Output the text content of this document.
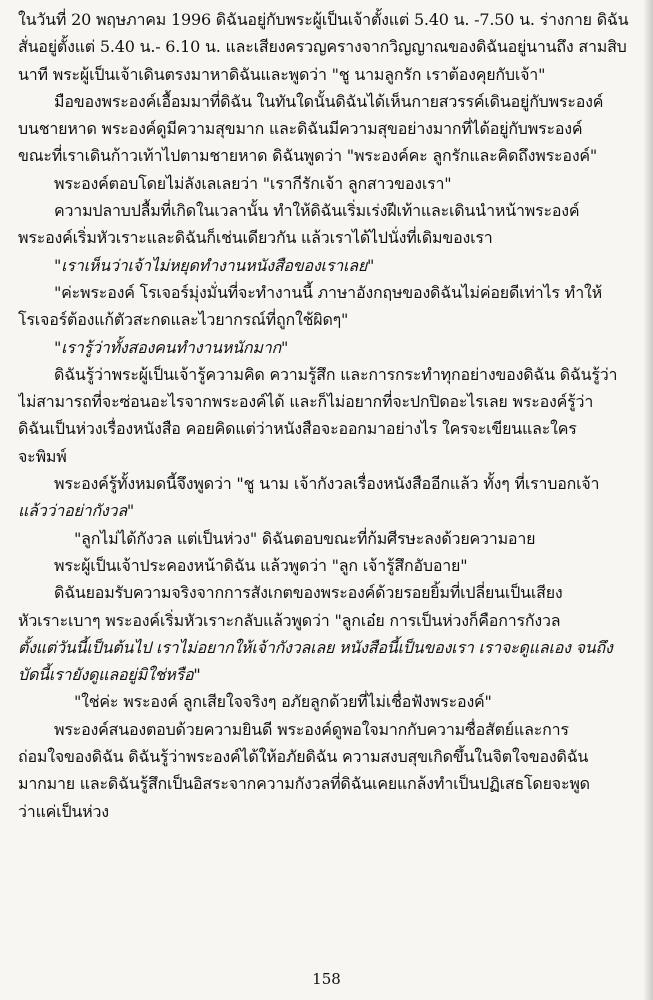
ในวันที่ 20 พฤษภาคม 1996 ดิฉันอยู่กับพระผู้เป็นเจ้าตั้งแต่ 5.40 น. -7.50 น. ร่างกาย ดิฉัน
สั่นอยู่ตั้งแต่ 5.40 น.- 6.10 น. และเสียงครวญครางจากวิญญาณของดิฉันอยู่นานถึง สามสิบ
นาที พระผู้เป็นเจ้าเดินตรงมาหาดิฉันและพูดว่า "ชู นามลูกรัก เราต้องคุยกับเจ้า"
มือของพระองค์เอื้อมมาที่ดิฉัน ในทันใดนั้นดิฉันได้เห็นกายสวรรค์เดินอยู่กับพระองค์
บนชายหาด พระองค์ดูมีความสุขมาก และดิฉันมีความสุขอย่างมากที่ได้อยู่กับพระองค์
ขณะที่เราเดินก้าวเท้าไปตามชายหาด ดิฉันพูดว่า "พระองค์คะ ลูกรักและคิดถึงพระองค์"
พระองค์ตอบโดยไม่ลังเลเลยว่า "เรากีรักเจ้า ลูกสาวของเรา"
ความปลาบปลื้มที่เกิดในเวลานั้น ทำให้ดิฉันเริ่มเร่งฝีเท้าและเดินนำหน้าพระองค์
พระองค์เริ่มหัวเราะและดิฉันก็เช่นเดียวกัน แล้วเราได้ไปนั่งที่เดิมของเรา
"เราเห็นว่าเจ้าไม่หยุดทำงานหนังสือของเราเลย"
"ค่ะพระองค์ โรเจอร์มุ่งมั่นที่จะทำงานนี้ ภาษาอังกฤษของดิฉันไม่ค่อยดีเท่าไร ทำให้
โรเจอร์ต้องแก้ตัวสะกดและไวยากรณ์ที่ถูกใช้ผิดๆ"
"เรารู้ว่าทั้งสองคนทำงานหนักมาก"
ดิฉันรู้ว่าพระผู้เป็นเจ้ารู้ความคิด ความรู้สึก และการกระทำทุกอย่างของดิฉัน ดิฉันรู้ว่า
ไม่สามารถที่จะซ่อนอะไรจากพระองค์ได้ และก็ไม่อยากที่จะปกปิดอะไรเลย พระองค์รู้ว่า
ดิฉันเป็นห่วงเรื่องหนังสือ คอยคิดแต่ว่าหนังสือจะออกมาอย่างไร ใครจะเขียนและใคร
จะพิมพ์
พระองค์รู้ทั้งหมดนี้จึงพูดว่า "ชู นาม เจ้ากังวลเรื่องหนังสืออีกแล้ว ทั้งๆ ที่เราบอกเจ้า
แล้วว่าอย่ากังวล"
"ลูกไม่ได้กังวล แต่เป็นห่วง" ดิฉันตอบขณะที่ก้มศีรษะลงด้วยความอาย
พระผู้เป็นเจ้าประคองหน้าดิฉัน แล้วพูดว่า "ลูก เจ้ารู้สึกอับอาย"
ดิฉันยอมรับความจริงจากการสังเกตของพระองค์ด้วยรอยยิ้มที่เปลี่ยนเป็นเสียง
หัวเราะเบาๆ พระองค์เริ่มหัวเราะกลับแล้วพูดว่า "ลูกเอ๋ย การเป็นห่วงก็คือการกังวล
ตั้งแต่วันนี้เป็นต้นไป เราไม่อยากให้เจ้ากังวลเลย หนังสือนี้เป็นของเรา เราจะดูแลเอง จนถึง
บัดนี้เรายังดูแลอยู่มิใช่หรือ"
"ใช่ค่ะ พระองค์ ลูกเสียใจจริงๆ อภัยลูกด้วยที่ไม่เชื่อฟังพระองค์"
พระองค์สนองตอบด้วยความยินดี พระองค์ดูพอใจมากกับความซื่อสัตย์และการ
ถ่อมใจของดิฉัน ดิฉันรู้ว่าพระองค์ได้ให้อภัยดิฉัน ความสงบสุขเกิดขึ้นในจิตใจของดิฉัน
มากมาย และดิฉันรู้สึกเป็นอิสระจากความกังวลที่ดิฉันเคยแกล้งทำเป็นปฏิเสธโดยจะพูด
ว่าแค่เป็นห่วง
158
